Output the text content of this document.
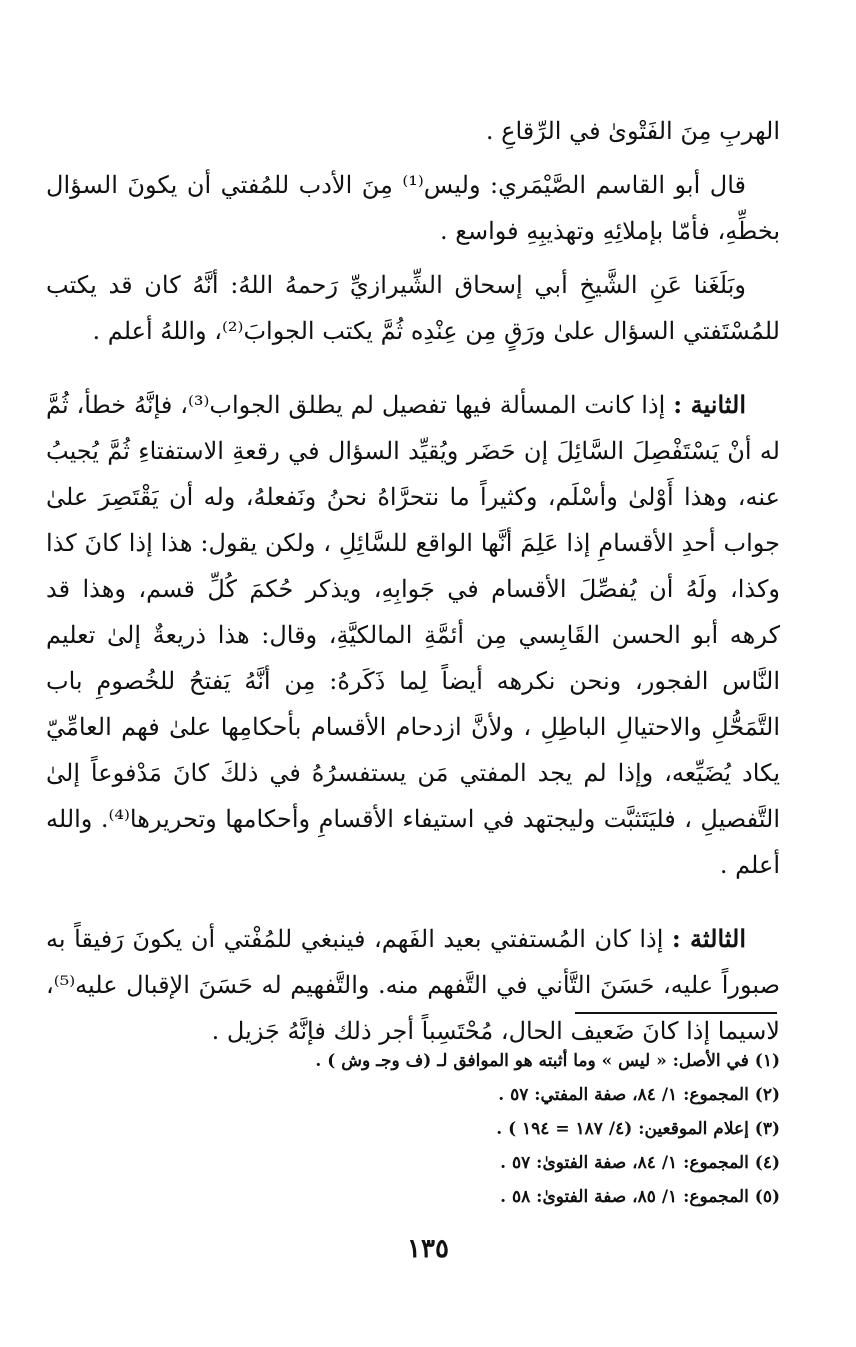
الهربِ مِنَ الفَتْوىٰ في الرِّقاعِ .

قال أبو القاسم الصَّيْمَري: وليس⁽¹⁾ مِنَ الأدب للمُفتي أن يكونَ السؤال بخطِّهِ، فأمّا بإملائِهِ وتهذيبِهِ فواسع .

وبَلَغَنا عَنِ الشَّيخِ أبي إسحاق الشِّيرازيِّ رَحمهُ اللهُ: أنَّهُ كان قد يكتب للمُسْتَفتي السؤال علىٰ ورَقٍ مِن عِنْدِه ثُمَّ يكتب الجوابَ⁽²⁾، واللهُ أعلم .

الثانية : إذا كانت المسألة فيها تفصيل لم يطلق الجواب⁽³⁾، فإنَّهُ خطأ، ثُمَّ له أنْ يَسْتَفْصِلَ السَّائِلَ إن حَضَر ويُقيِّد السؤال في رقعةِ الاستفتاءِ ثُمَّ يُجيبُ عنه، وهذا أَوْلىٰ وأسْلَم، وكثيراً ما نتحرَّاهُ نحنُ ونَفعلهُ، وله أن يَقْتَصِرَ علىٰ جواب أحدِ الأقسامِ إذا عَلِمَ أنَّها الواقع للسَّائِلِ ، ولكن يقول: هذا إذا كانَ كذا وكذا، ولَهُ أن يُفصِّلَ الأقسام في جَوابِهِ، ويذكر حُكمَ كُلِّ قسم، وهذا قد كرهه أبو الحسن القَابِسي مِن أئمَّةِ المالكيَّةِ، وقال: هذا ذريعةٌ إلىٰ تعليم النَّاس الفجور، ونحن نكرهه أيضاً لِما ذَكَرهُ: مِن أنَّهُ يَفتحُ للخُصومِ باب التَّمَحُّلِ والاحتيالِ الباطِلِ ، ولأنَّ ازدحام الأقسام بأحكامِها علىٰ فهم العامِّيّ يكاد يُضَيِّعه، وإذا لم يجد المفتي مَن يستفسرُهُ في ذلكَ كانَ مَدْفوعاً إلىٰ التَّفصيلِ ، فليَتَثبَّت وليجتهد في استيفاء الأقسامِ وأحكامها وتحريرها⁽⁴⁾. والله أعلم .

الثالثة : إذا كان المُستفتي بعيد الفَهم، فينبغي للمُفْتي أن يكونَ رَفيقاً به صبوراً عليه، حَسَنَ التَّأني في التَّفهم منه. والتَّفهيم له حَسَنَ الإقبال عليه⁽⁵⁾، لاسيما إذا كانَ ضَعيف الحال، مُحْتَسِباً أجر ذلك فإنَّهُ جَزيل .

(١) في الأصل: « ليس » وما أثبته هو الموافق لـ (ف وجـ وش ) .

(٢) المجموع: ١/ ٨٤، صفة المفتي: ٥٧ .

(٣) إعلام الموقعين: (٤/ ١٨٧ = ١٩٤ ) .

(٤) المجموع: ١/ ٨٤، صفة الفتوىٰ: ٥٧ .

(٥) المجموع: ١/ ٨٥، صفة الفتوىٰ: ٥٨ .

١٣٥
